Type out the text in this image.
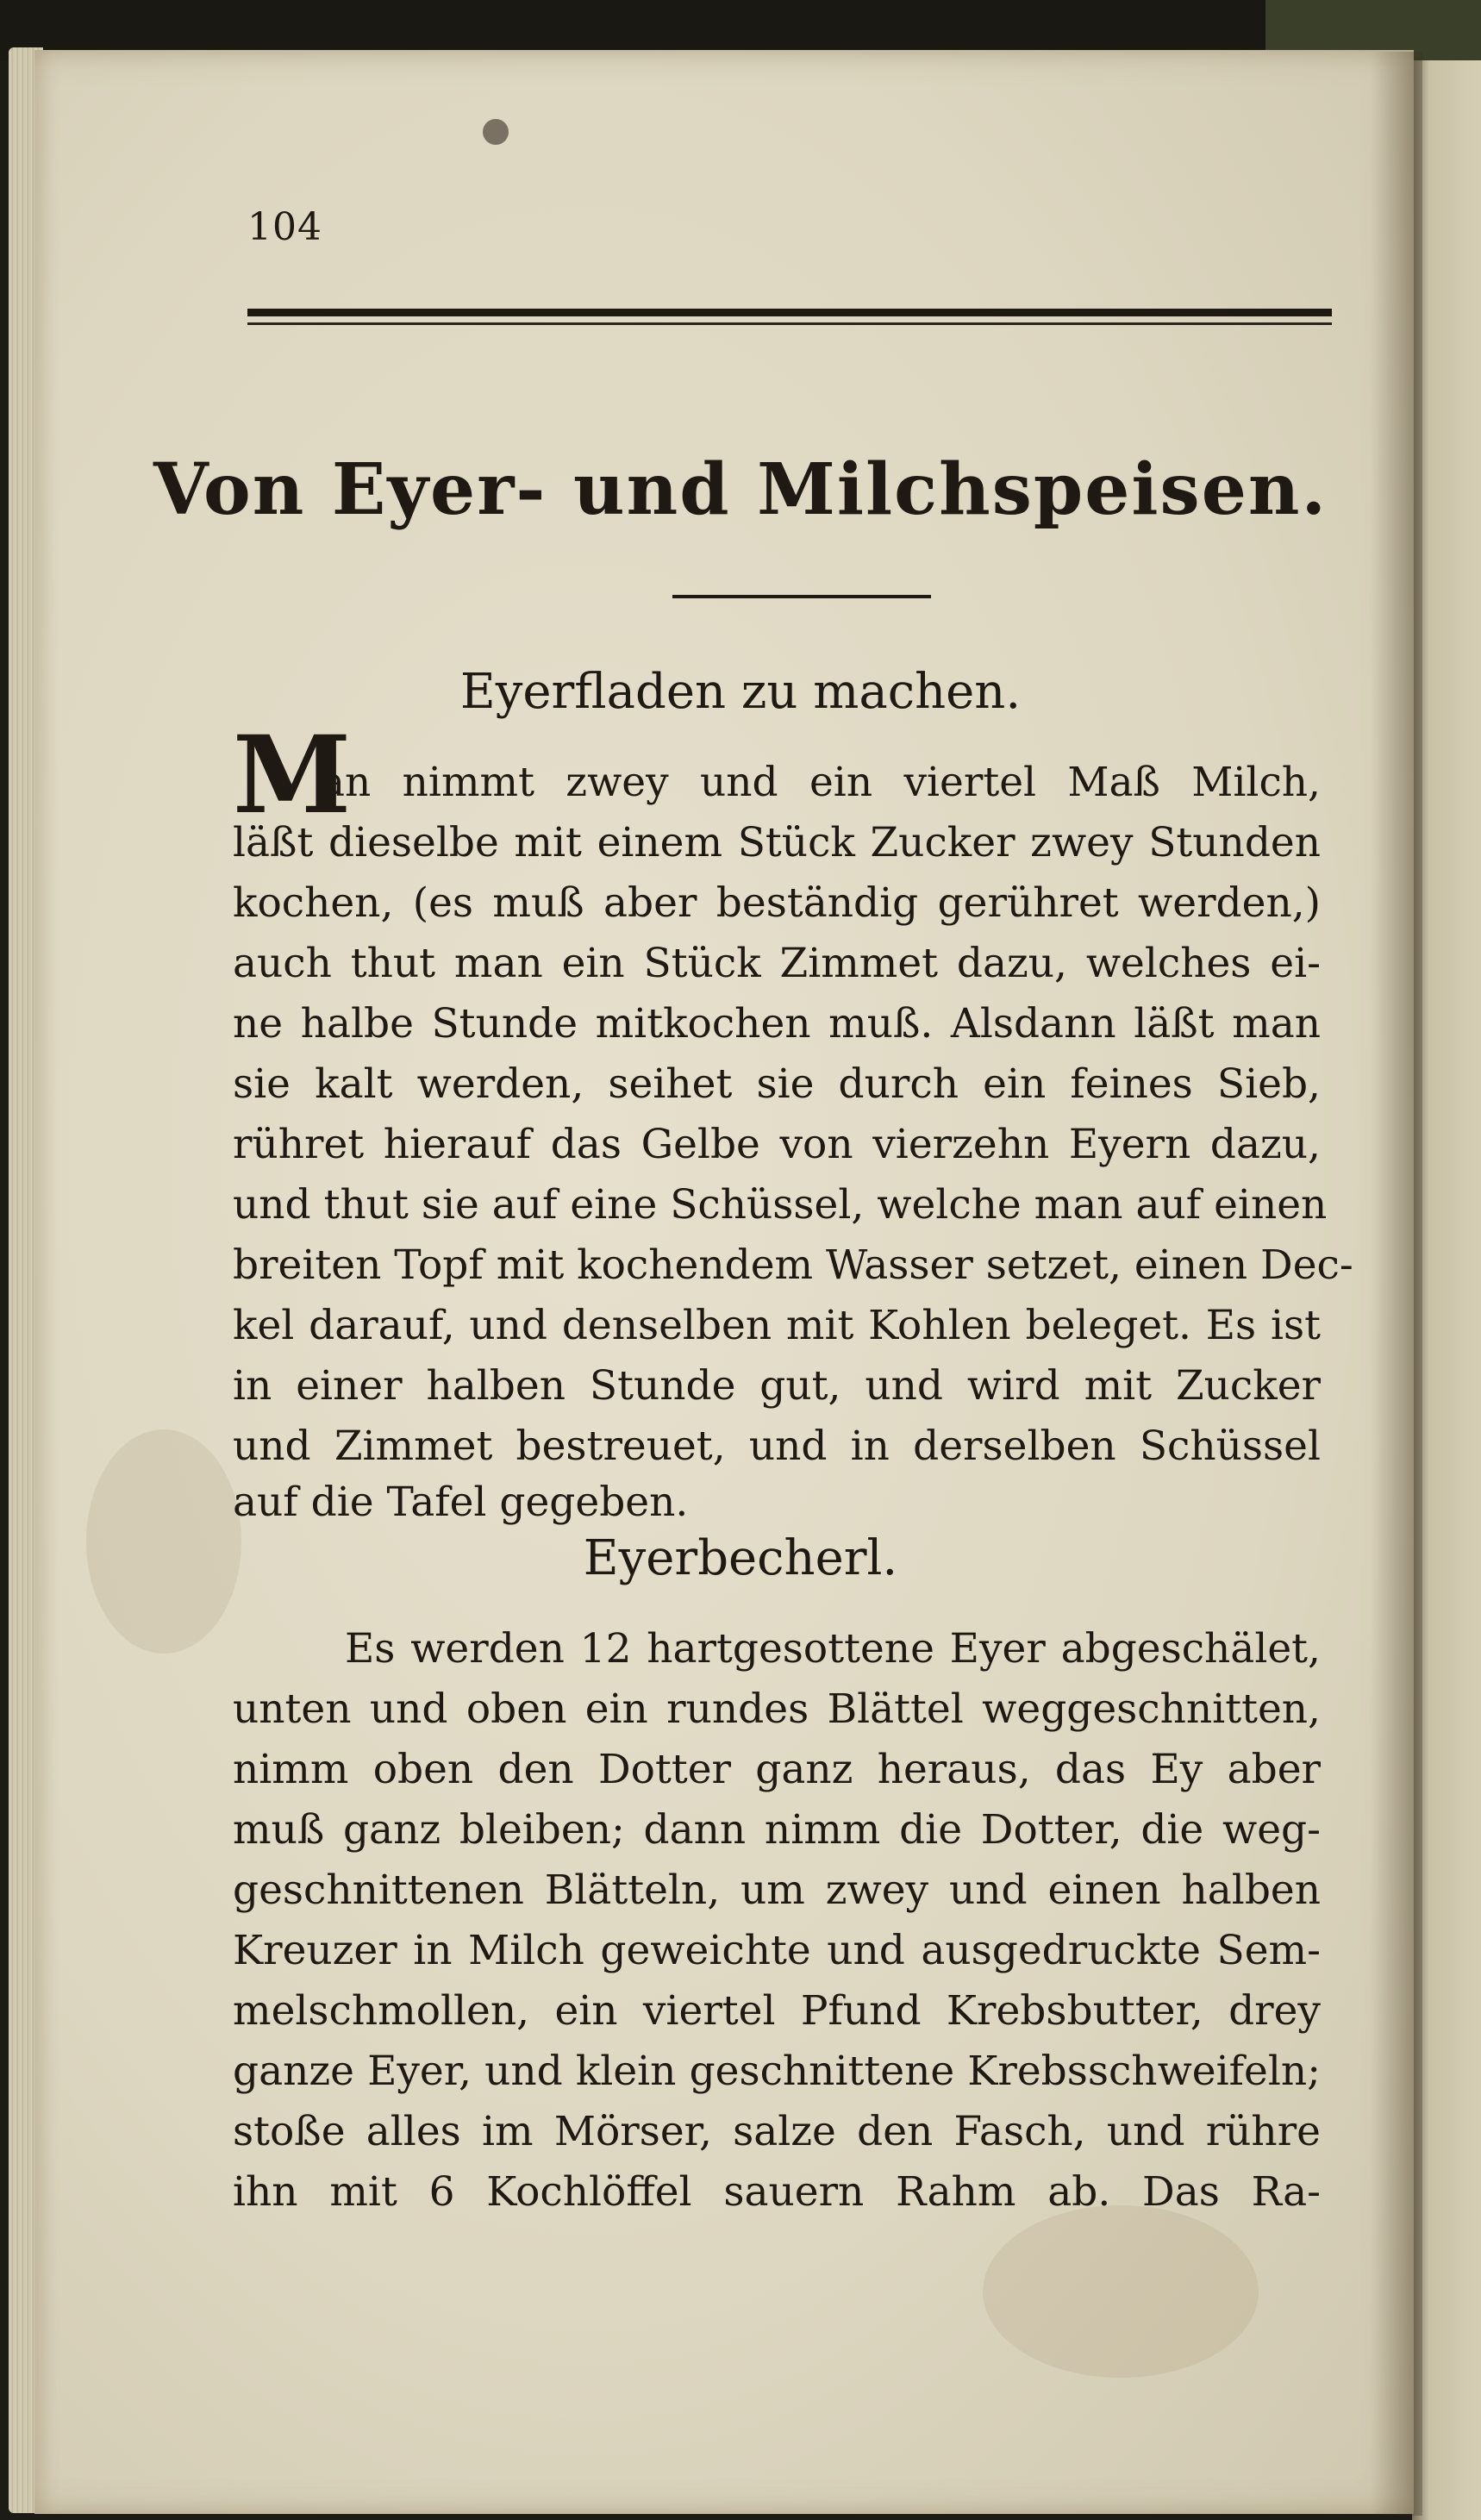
104
Von Eyer- und Milchspeisen.
Eyerfladen zu machen.
M
an nimmt zwey und ein viertel Maß Milch,
läßt dieselbe mit einem Stück Zucker zwey Stunden
kochen, (es muß aber beständig gerühret werden,)
auch thut man ein Stück Zimmet dazu, welches ei-
ne halbe Stunde mitkochen muß. Alsdann läßt man
sie kalt werden, seihet sie durch ein feines Sieb,
rühret hierauf das Gelbe von vierzehn Eyern dazu,
und thut sie auf eine Schüssel, welche man auf einen
breiten Topf mit kochendem Wasser setzet, einen Dec-
kel darauf, und denselben mit Kohlen beleget. Es ist
in einer halben Stunde gut, und wird mit Zucker
und Zimmet bestreuet, und in derselben Schüssel
auf die Tafel gegeben.
Eyerbecherl.
Es werden 12 hartgesottene Eyer abgeschälet,
unten und oben ein rundes Blättel weggeschnitten,
nimm oben den Dotter ganz heraus, das Ey aber
muß ganz bleiben; dann nimm die Dotter, die weg-
geschnittenen Blätteln, um zwey und einen halben
Kreuzer in Milch geweichte und ausgedruckte Sem-
melschmollen, ein viertel Pfund Krebsbutter, drey
ganze Eyer, und klein geschnittene Krebsschweifeln;
stoße alles im Mörser, salze den Fasch, und rühre
ihn mit 6 Kochlöffel sauern Rahm ab. Das Ra-
